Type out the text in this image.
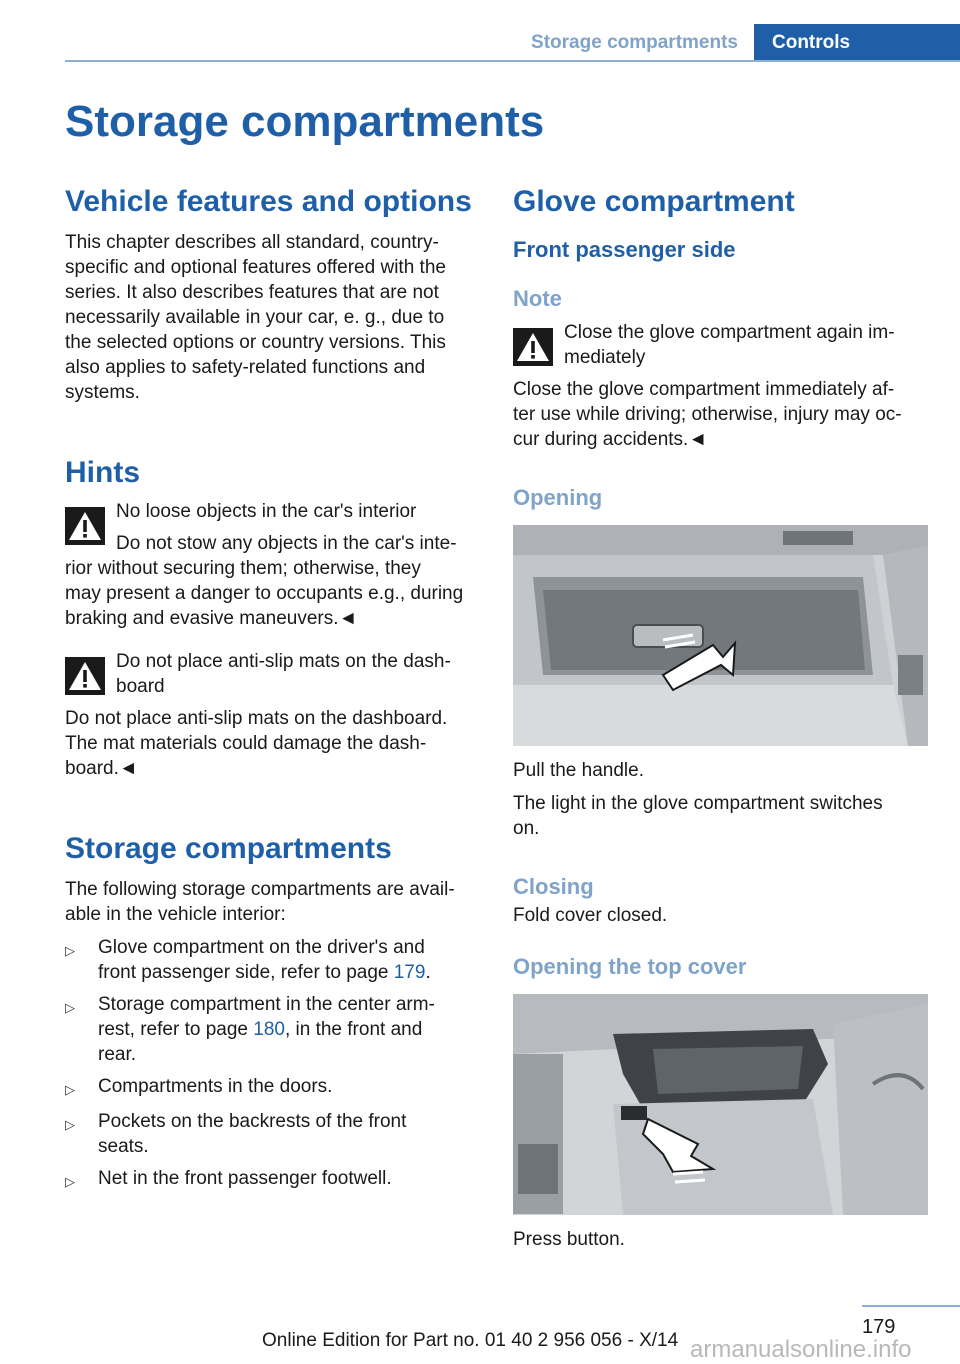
Storage compartments	Controls
Storage compartments
Vehicle features and options

This chapter describes all standard, country-

specific and optional features offered with the

series. It also describes features that are not

necessarily available in your car, e. g., due to

the selected options or country versions. This

also applies to safety-related functions and

systems.

Hints

No loose objects in the car's interior

Do not stow any objects in the car's inte-

rior without securing them; otherwise, they

may present a danger to occupants e.g., during

braking and evasive maneuvers.◄

Do not place anti-slip mats on the dash-

board

Do not place anti-slip mats on the dashboard.

The mat materials could damage the dash-

board.◄

Storage compartments

The following storage compartments are avail-

able in the vehicle interior:

▷	Glove compartment on the driver's and

front passenger side, refer to page 179.

▷	Storage compartment in the center arm-

rest, refer to page 180, in the front and

rear.

▷	Compartments in the doors.

▷	Pockets on the backrests of the front

seats.

▷	Net in the front passenger footwell.

Glove compartment
Front passenger side
Note

Close the glove compartment again im-

mediately

Close the glove compartment immediately af-

ter use while driving; otherwise, injury may oc-

cur during accidents.◄

Opening

Pull the handle.

The light in the glove compartment switches

on.

Closing

Fold cover closed.

Opening the top cover

Press button.

179
Online Edition for Part no. 01 40 2 956 056 - X/14 armanualsonline.info
